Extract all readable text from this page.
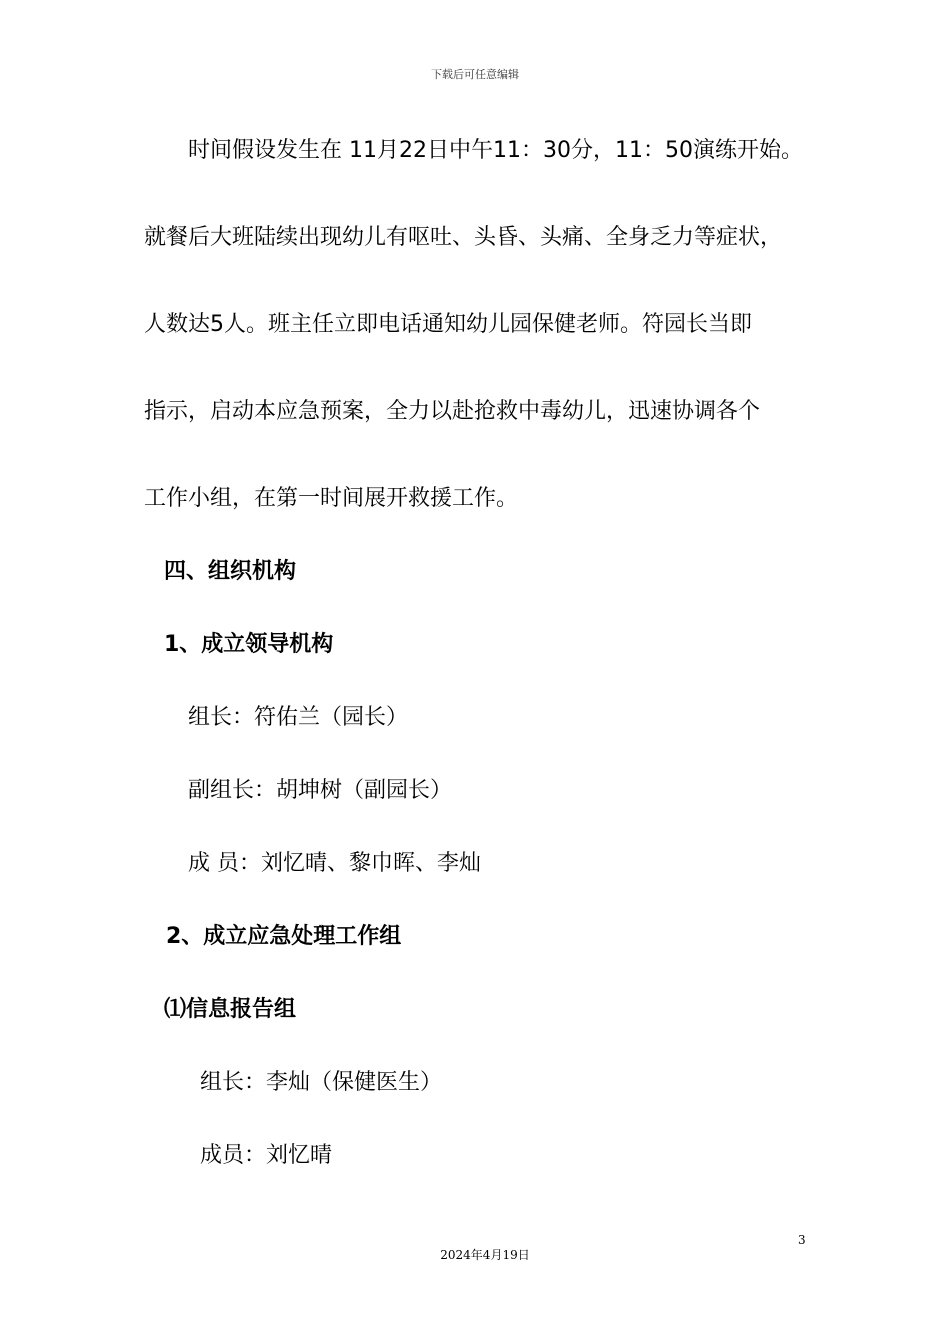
下载后可任意编辑
时间假设发生在 11月22日中午11：30分，11：50演练开始。
就餐后大班陆续出现幼儿有呕吐、头昏、头痛、全身乏力等症状，
人数达5人。班主任立即电话通知幼儿园保健老师。符园长当即
指示，启动本应急预案，全力以赴抢救中毒幼儿，迅速协调各个
工作小组，在第一时间展开救援工作。
四、组织机构
1、成立领导机构
组长：符佑兰（园长）
副组长：胡坤树（副园长）
成 员：刘忆晴、黎巾晖、李灿
2、成立应急处理工作组
⑴信息报告组
组长：李灿（保健医生）
成员：刘忆晴
3
2024年4月19日
